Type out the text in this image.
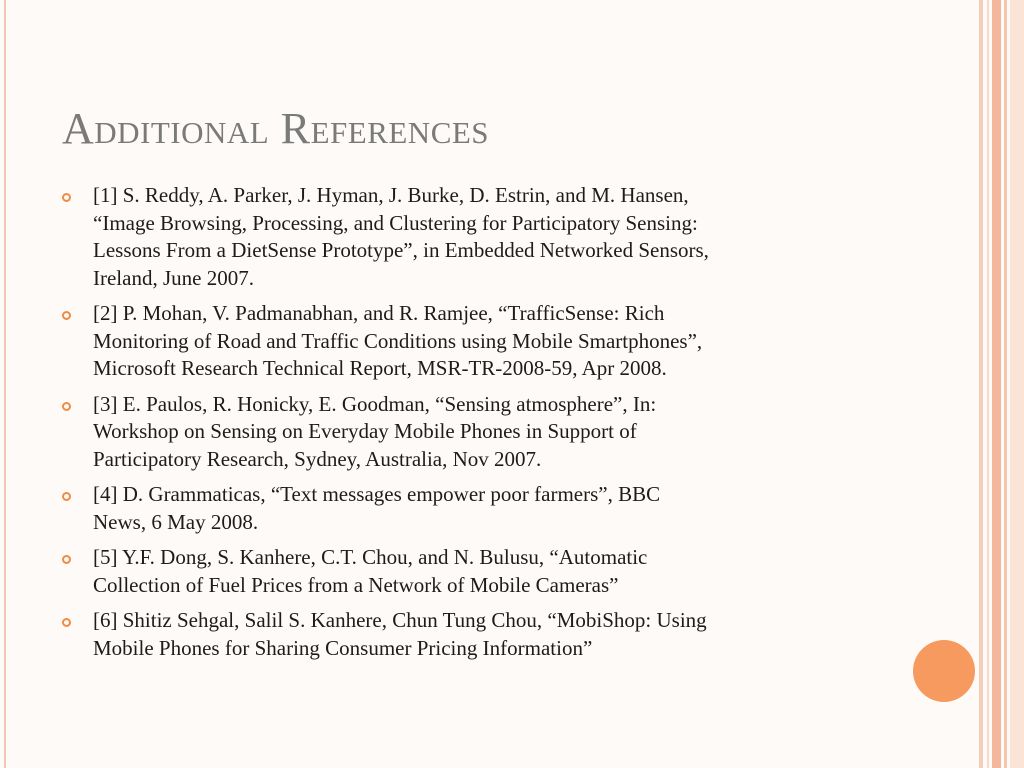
Additional References
[1] S. Reddy, A. Parker, J. Hyman, J. Burke, D. Estrin, and M. Hansen,
“Image Browsing, Processing, and Clustering for Participatory Sensing:
Lessons From a DietSense Prototype”, in Embedded Networked Sensors,
Ireland, June 2007.
[2] P. Mohan, V. Padmanabhan, and R. Ramjee, “TrafficSense: Rich
Monitoring of Road and Traffic Conditions using Mobile Smartphones”,
Microsoft Research Technical Report, MSR-TR-2008-59, Apr 2008.
[3] E. Paulos, R. Honicky, E. Goodman, “Sensing atmosphere”, In:
Workshop on Sensing on Everyday Mobile Phones in Support of
Participatory Research, Sydney, Australia, Nov 2007.
[4] D. Grammaticas, “Text messages empower poor farmers”, BBC
News, 6 May 2008.
[5] Y.F. Dong, S. Kanhere, C.T. Chou, and N. Bulusu, “Automatic
Collection of Fuel Prices from a Network of Mobile Cameras”
[6] Shitiz Sehgal, Salil S. Kanhere, Chun Tung Chou, “MobiShop: Using
Mobile Phones for Sharing Consumer Pricing Information”
